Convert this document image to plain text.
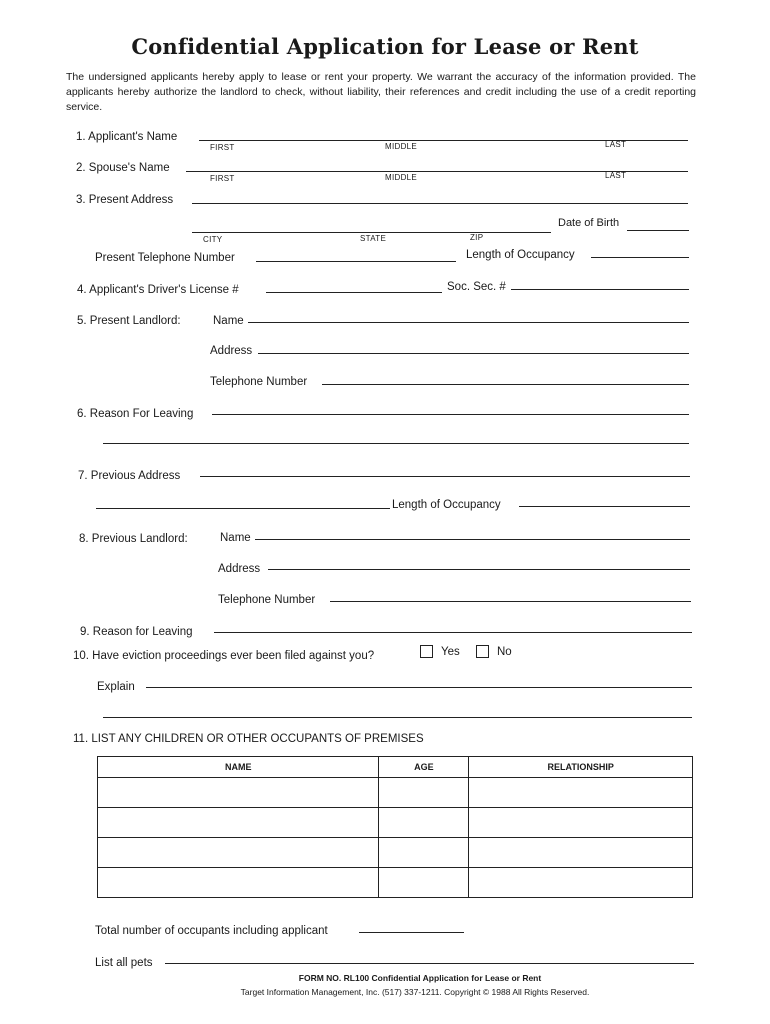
Confidential Application for Lease or Rent
The undersigned applicants hereby apply to lease or rent your property. We warrant the accuracy of the information provided. The applicants hereby authorize the landlord to check, without liability, their references and credit including the use of a credit reporting service.
1. Applicant's Name
FIRST	MIDDLE	LAST
2. Spouse's Name
FIRST	MIDDLE	LAST
3. Present Address
Date of Birth
CITY	STATE	ZIP
Present Telephone Number	Length of Occupancy
4. Applicant's Driver's License #	Soc. Sec. #
5. Present Landlord:	Name
Address
Telephone Number
6. Reason For Leaving
7. Previous Address
Length of Occupancy
8. Previous Landlord:	Name
Address
Telephone Number
9. Reason for Leaving
10. Have eviction proceedings ever been filed against you?	Yes	No
Explain
11. LIST ANY CHILDREN OR OTHER OCCUPANTS OF PREMISES
NAME	AGE	RELATIONSHIP

Total number of occupants including applicant
List all pets
FORM NO. RL100 Confidential Application for Lease or Rent
Target Information Management, Inc. (517) 337-1211. Copyright © 1988 All Rights Reserved.
